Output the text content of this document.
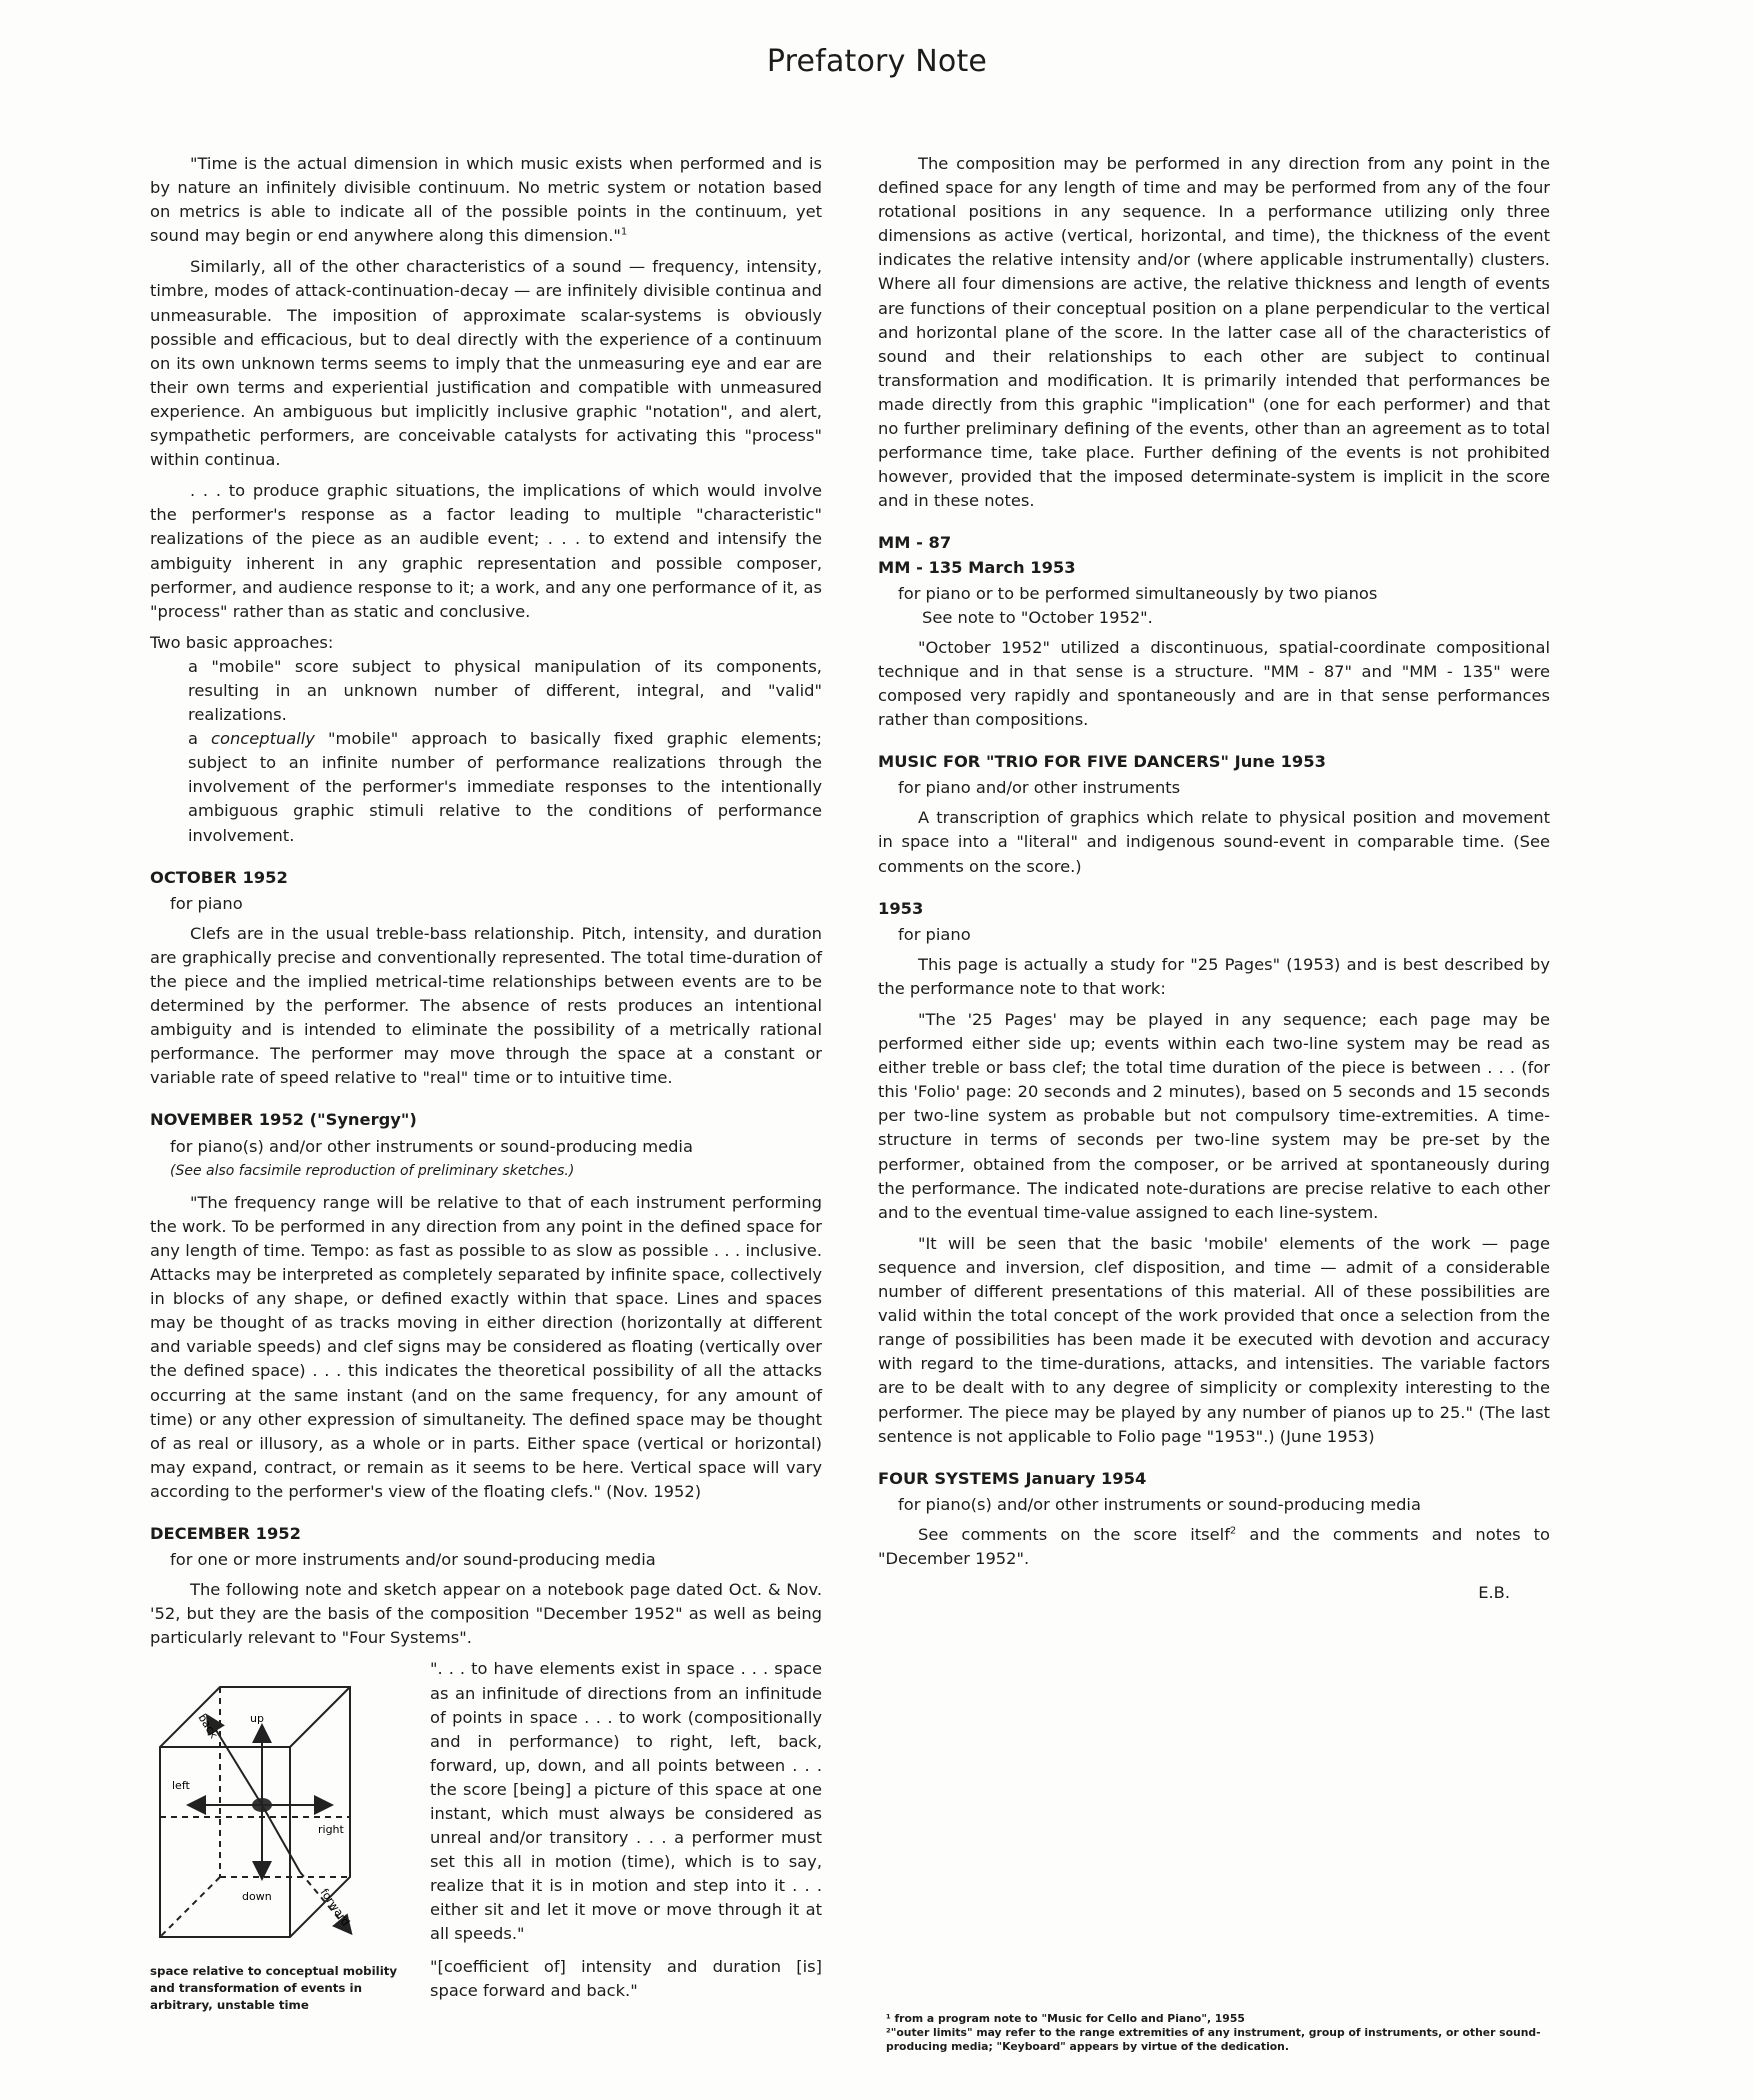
Prefatory Note

"Time is the actual dimension in which music exists when performed and is by nature an infinitely divisible continuum. No metric system or notation based on metrics is able to indicate all of the possible points in the continuum, yet sound may begin or end anywhere along this dimension."$^1$

Similarly, all of the other characteristics of a sound — frequency, intensity, timbre, modes of attack-continuation-decay — are infinitely divisible continua and unmeasurable. The imposition of approximate scalar-systems is obviously possible and efficacious, but to deal directly with the experience of a continuum on its own unknown terms seems to imply that the unmeasuring eye and ear are their own terms and experiential justification and compatible with unmeasured experience. An ambiguous but implicitly inclusive graphic "notation", and alert, sympathetic performers, are conceivable catalysts for activating this "process" within continua.

. . . to produce graphic situations, the implications of which would involve the performer's response as a factor leading to multiple "characteristic" realizations of the piece as an audible event; . . . to extend and intensify the ambiguity inherent in any graphic representation and possible composer, performer, and audience response to it; a work, and any one performance of it, as "process" rather than as static and conclusive.

Two basic approaches:

a "mobile" score subject to physical manipulation of its components, resulting in an unknown number of different, integral, and "valid" realizations.

a conceptually "mobile" approach to basically fixed graphic elements; subject to an infinite number of performance realizations through the involvement of the performer's immediate responses to the intentionally ambiguous graphic stimuli relative to the conditions of performance involvement.

OCTOBER 1952
for piano

Clefs are in the usual treble-bass relationship. Pitch, intensity, and duration are graphically precise and conventionally represented. The total time-duration of the piece and the implied metrical-time relationships between events are to be determined by the performer. The absence of rests produces an intentional ambiguity and is intended to eliminate the possibility of a metrically rational performance. The performer may move through the space at a constant or variable rate of speed relative to "real" time or to intuitive time.

NOVEMBER 1952 ("Synergy")
for piano(s) and/or other instruments or sound-producing media
(See also facsimile reproduction of preliminary sketches.)

"The frequency range will be relative to that of each instrument performing the work. To be performed in any direction from any point in the defined space for any length of time. Tempo: as fast as possible to as slow as possible . . . inclusive. Attacks may be interpreted as completely separated by infinite space, collectively in blocks of any shape, or defined exactly within that space. Lines and spaces may be thought of as tracks moving in either direction (horizontally at different and variable speeds) and clef signs may be considered as floating (vertically over the defined space) . . . this indicates the theoretical possibility of all the attacks occurring at the same instant (and on the same frequency, for any amount of time) or any other expression of simultaneity. The defined space may be thought of as real or illusory, as a whole or in parts. Either space (vertical or horizontal) may expand, contract, or remain as it seems to be here. Vertical space will vary according to the performer's view of the floating clefs." (Nov. 1952)

DECEMBER 1952
for one or more instruments and/or sound-producing media

The following note and sketch appear on a notebook page dated Oct. & Nov. '52, but they are the basis of the composition "December 1952" as well as being particularly relevant to "Four Systems".

up
down
left
right
back
forward
space relative to conceptual mobility and transformation of events in arbitrary, unstable time

". . . to have elements exist in space . . . space as an infinitude of directions from an infinitude of points in space . . . to work (compositionally and in performance) to right, left, back, forward, up, down, and all points between . . . the score [being] a picture of this space at one instant, which must always be considered as unreal and/or transitory . . . a performer must set this all in motion (time), which is to say, realize that it is in motion and step into it . . . either sit and let it move or move through it at all speeds."

"[coefficient of] intensity and duration [is] space forward and back."

The composition may be performed in any direction from any point in the defined space for any length of time and may be performed from any of the four rotational positions in any sequence. In a performance utilizing only three dimensions as active (vertical, horizontal, and time), the thickness of the event indicates the relative intensity and/or (where applicable instrumentally) clusters. Where all four dimensions are active, the relative thickness and length of events are functions of their conceptual position on a plane perpendicular to the vertical and horizontal plane of the score. In the latter case all of the characteristics of sound and their relationships to each other are subject to continual transformation and modification. It is primarily intended that performances be made directly from this graphic "implication" (one for each performer) and that no further preliminary defining of the events, other than an agreement as to total performance time, take place. Further defining of the events is not prohibited however, provided that the imposed determinate-system is implicit in the score and in these notes.

MM - 87
MM - 135 March 1953
for piano or to be performed simultaneously by two pianos
See note to "October 1952".

"October 1952" utilized a discontinuous, spatial-coordinate compositional technique and in that sense is a structure. "MM - 87" and "MM - 135" were composed very rapidly and spontaneously and are in that sense performances rather than compositions.

MUSIC FOR "TRIO FOR FIVE DANCERS" June 1953
for piano and/or other instruments

A transcription of graphics which relate to physical position and movement in space into a "literal" and indigenous sound-event in comparable time. (See comments on the score.)

1953
for piano

This page is actually a study for "25 Pages" (1953) and is best described by the performance note to that work:

"The '25 Pages' may be played in any sequence; each page may be performed either side up; events within each two-line system may be read as either treble or bass clef; the total time duration of the piece is between . . . (for this 'Folio' page: 20 seconds and 2 minutes), based on 5 seconds and 15 seconds per two-line system as probable but not compulsory time-extremities. A time-structure in terms of seconds per two-line system may be pre-set by the performer, obtained from the composer, or be arrived at spontaneously during the performance. The indicated note-durations are precise relative to each other and to the eventual time-value assigned to each line-system.

"It will be seen that the basic 'mobile' elements of the work — page sequence and inversion, clef disposition, and time — admit of a considerable number of different presentations of this material. All of these possibilities are valid within the total concept of the work provided that once a selection from the range of possibilities has been made it be executed with devotion and accuracy with regard to the time-durations, attacks, and intensities. The variable factors are to be dealt with to any degree of simplicity or complexity interesting to the performer. The piece may be played by any number of pianos up to 25." (The last sentence is not applicable to Folio page "1953".) (June 1953)

FOUR SYSTEMS January 1954
for piano(s) and/or other instruments or sound-producing media

See comments on the score itself$^2$ and the comments and notes to "December 1952".

E.B.
¹ from a program note to "Music for Cello and Piano", 1955
²"outer limits" may refer to the range extremities of any instrument, group of instruments, or other sound-producing media; "Keyboard" appears by virtue of the dedication.
